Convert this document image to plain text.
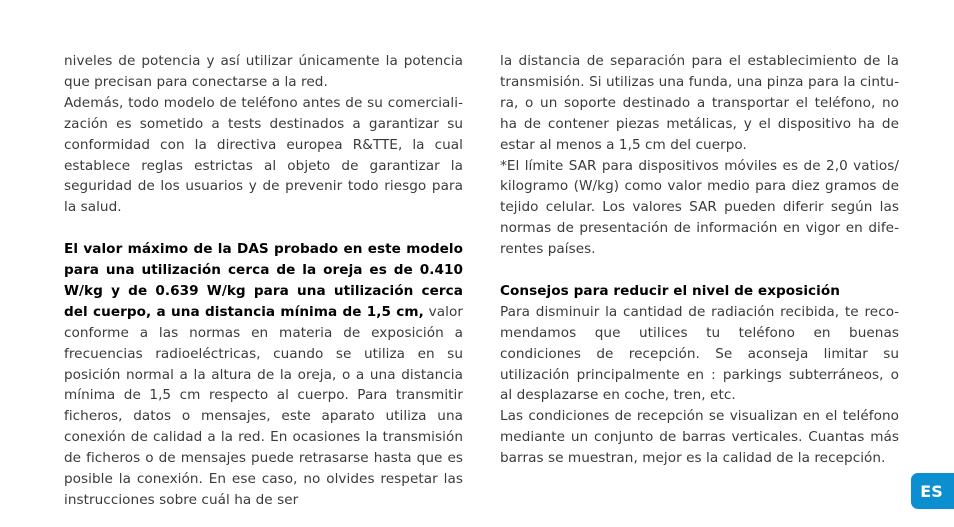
niveles de potencia y así utilizar únicamente la potencia que precisan para conectarse a la red.

Además, todo modelo de teléfono antes de su comercialización es sometido a tests destinados a garantizar su conformidad con la directiva europea R&TTE, la cual establece reglas estrictas al objeto de garantizar la seguridad de los usuarios y de prevenir todo riesgo para la salud.

El valor máximo de la DAS probado en este modelo para una utilización cerca de la oreja es de 0.410 W/kg y de 0.639 W/kg para una utilización cerca del cuerpo, a una distancia mínima de 1,5 cm, valor conforme a las normas en materia de exposición a frecuencias radioeléctricas, cuando se utiliza en su posición normal a la altura de la oreja, o a una distancia mínima de 1,5 cm respecto al cuerpo. Para transmitir ficheros, datos o mensajes, este aparato utiliza una conexión de calidad a la red. En ocasiones la transmisión de ficheros o de mensajes puede retrasarse hasta que es posible la conexión. En ese caso, no olvides respetar las instrucciones sobre cuál ha de ser

la distancia de separación para el establecimiento de la transmisión. Si utilizas una funda, una pinza para la cintura, o un soporte destinado a transportar el teléfono, no ha de contener piezas metálicas, y el dispositivo ha de estar al menos a 1,5 cm del cuerpo.

*El límite SAR para dispositivos móviles es de 2,0 vatios/ kilogramo (W/kg) como valor medio para diez gramos de tejido celular. Los valores SAR pueden diferir según las normas de presentación de información en vigor en diferentes países.

Consejos para reducir el nivel de exposición

Para disminuir la cantidad de radiación recibida, te recomendamos que utilices tu teléfono en buenas condiciones de recepción. Se aconseja limitar su utilización principalmente en : parkings subterráneos, o al desplazarse en coche, tren, etc.

Las condiciones de recepción se visualizan en el teléfono mediante un conjunto de barras verticales. Cuantas más barras se muestran, mejor es la calidad de la recepción.

ES
